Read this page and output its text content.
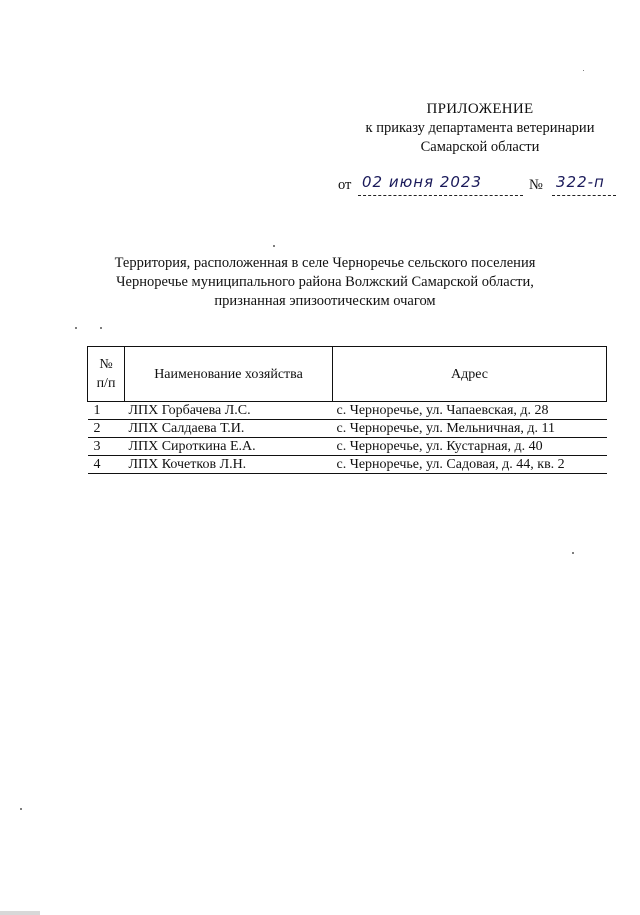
ПРИЛОЖЕНИЕ
к приказу департамента ветеринарии
Самарской области
от 02 июня 2023	№ 322-п
Территория, расположенная в селе Черноречье сельского поселения
Черноречье муниципального района Волжский Самарской области,
признанная эпизоотическим очагом
№
п/п	Наименование хозяйства	Адрес
1	ЛПХ Горбачева Л.С.	с. Черноречье, ул. Чапаевская, д. 28
2	ЛПХ Салдаева Т.И.	с. Черноречье, ул. Мельничная, д. 11
3	ЛПХ Сироткина Е.А.	с. Черноречье, ул. Кустарная, д. 40
4	ЛПХ Кочетков Л.Н.	с. Черноречье, ул. Садовая, д. 44, кв. 2
